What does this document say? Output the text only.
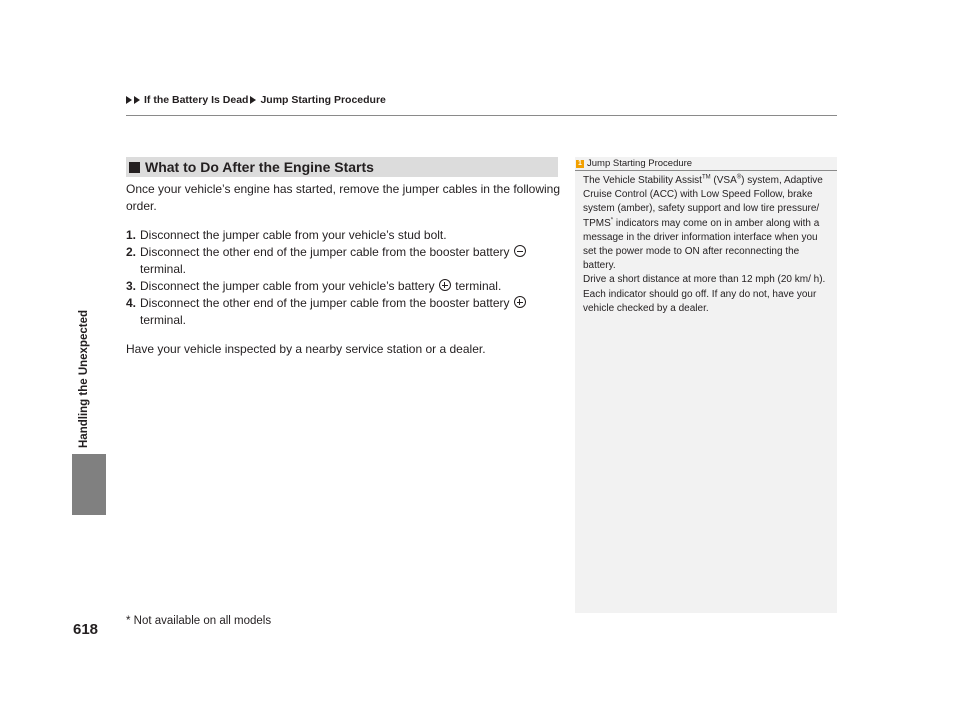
If the Battery Is Dead Jump Starting Procedure
Handling the Unexpected
What to Do After the Engine Starts

Once your vehicle’s engine has started, remove the jumper cables in the following order.

1. Disconnect the jumper cable from your vehicle’s stud bolt.
2. Disconnect the other end of the jumper cable from the booster battery
terminal.
3. Disconnect the jumper cable from your vehicle’s battery terminal.
4. Disconnect the other end of the jumper cable from the booster battery
terminal.

Have your vehicle inspected by a nearby service station or a dealer.

1 Jump Starting Procedure

The Vehicle Stability Assist™ (VSA®) system, Adaptive Cruise Control (ACC) with Low Speed Follow, brake system (amber), safety support and low tire pressure/ TPMS* indicators may come on in amber along with a message in the driver information interface when you set the power mode to ON after reconnecting the battery.

Drive a short distance at more than 12 mph (20 km/ h). Each indicator should go off. If any do not, have your vehicle checked by a dealer.

618 * Not available on all models
